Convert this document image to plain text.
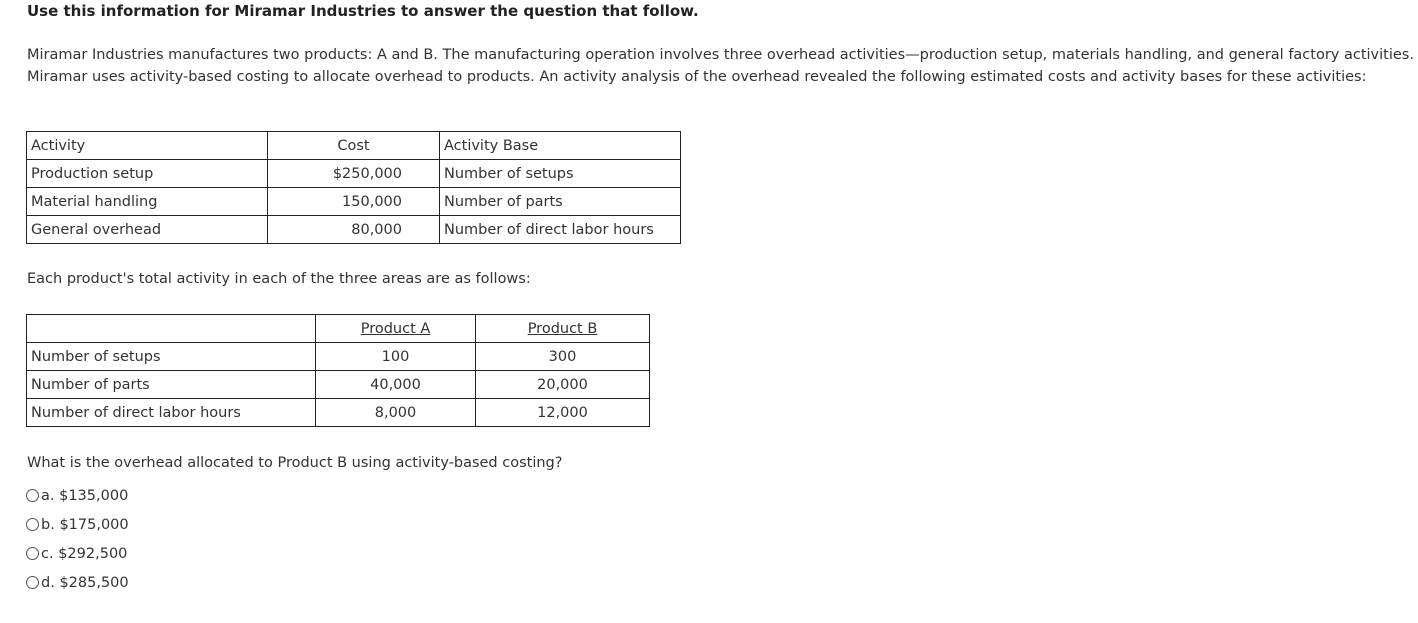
Use this information for Miramar Industries to answer the question that follow.

Miramar Industries manufactures two products: A and B. The manufacturing operation involves three overhead activities—production setup, materials handling, and general factory activities. Miramar uses activity-based costing to allocate overhead to products. An activity analysis of the overhead revealed the following estimated costs and activity bases for these activities:

Activity	Cost	Activity Base
Production setup	$250,000	Number of setups
Material handling	150,000	Number of parts
General overhead	80,000	Number of direct labor hours
Each product's total activity in each of the three areas are as follows:
	Product A	Product B
Number of setups	100	300
Number of parts	40,000	20,000
Number of direct labor hours	8,000	12,000
What is the overhead allocated to Product B using activity-based costing?
a.
$135,000
b.
$175,000
c.
$292,500
d.
$285,500
